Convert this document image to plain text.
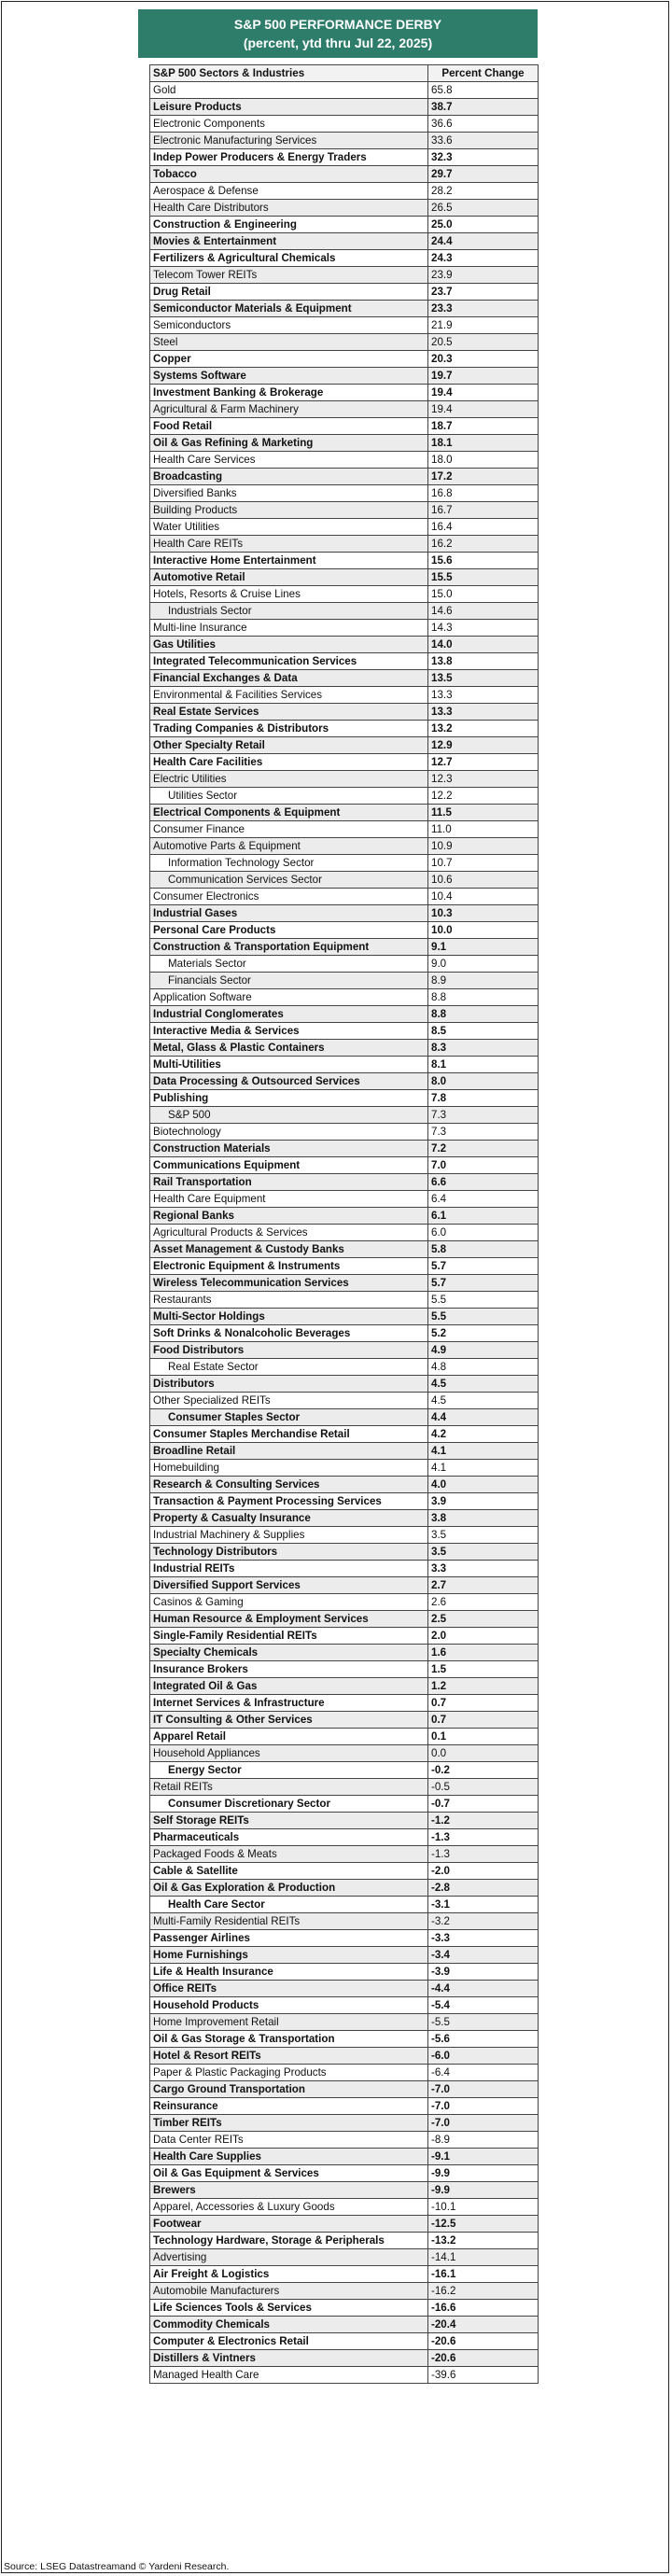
S&P 500 PERFORMANCE DERBY
(percent, ytd thru Jul 22, 2025)
S&P 500 Sectors & Industries	Percent Change
Gold	65.8
Leisure Products	38.7
Electronic Components	36.6
Electronic Manufacturing Services	33.6
Indep Power Producers & Energy Traders	32.3
Tobacco	29.7
Aerospace & Defense	28.2
Health Care Distributors	26.5
Construction & Engineering	25.0
Movies & Entertainment	24.4
Fertilizers & Agricultural Chemicals	24.3
Telecom Tower REITs	23.9
Drug Retail	23.7
Semiconductor Materials & Equipment	23.3
Semiconductors	21.9
Steel	20.5
Copper	20.3
Systems Software	19.7
Investment Banking & Brokerage	19.4
Agricultural & Farm Machinery	19.4
Food Retail	18.7
Oil & Gas Refining & Marketing	18.1
Health Care Services	18.0
Broadcasting	17.2
Diversified Banks	16.8
Building Products	16.7
Water Utilities	16.4
Health Care REITs	16.2
Interactive Home Entertainment	15.6
Automotive Retail	15.5
Hotels, Resorts & Cruise Lines	15.0
Industrials Sector	14.6
Multi-line Insurance	14.3
Gas Utilities	14.0
Integrated Telecommunication Services	13.8
Financial Exchanges & Data	13.5
Environmental & Facilities Services	13.3
Real Estate Services	13.3
Trading Companies & Distributors	13.2
Other Specialty Retail	12.9
Health Care Facilities	12.7
Electric Utilities	12.3
Utilities Sector	12.2
Electrical Components & Equipment	11.5
Consumer Finance	11.0
Automotive Parts & Equipment	10.9
Information Technology Sector	10.7
Communication Services Sector	10.6
Consumer Electronics	10.4
Industrial Gases	10.3
Personal Care Products	10.0
Construction & Transportation Equipment	9.1
Materials Sector	9.0
Financials Sector	8.9
Application Software	8.8
Industrial Conglomerates	8.8
Interactive Media & Services	8.5
Metal, Glass & Plastic Containers	8.3
Multi-Utilities	8.1
Data Processing & Outsourced Services	8.0
Publishing	7.8
S&P 500	7.3
Biotechnology	7.3
Construction Materials	7.2
Communications Equipment	7.0
Rail Transportation	6.6
Health Care Equipment	6.4
Regional Banks	6.1
Agricultural Products & Services	6.0
Asset Management & Custody Banks	5.8
Electronic Equipment & Instruments	5.7
Wireless Telecommunication Services	5.7
Restaurants	5.5
Multi-Sector Holdings	5.5
Soft Drinks & Nonalcoholic Beverages	5.2
Food Distributors	4.9
Real Estate Sector	4.8
Distributors	4.5
Other Specialized REITs	4.5
Consumer Staples Sector	4.4
Consumer Staples Merchandise Retail	4.2
Broadline Retail	4.1
Homebuilding	4.1
Research & Consulting Services	4.0
Transaction & Payment Processing Services	3.9
Property & Casualty Insurance	3.8
Industrial Machinery & Supplies	3.5
Technology Distributors	3.5
Industrial REITs	3.3
Diversified Support Services	2.7
Casinos & Gaming	2.6
Human Resource & Employment Services	2.5
Single-Family Residential REITs	2.0
Specialty Chemicals	1.6
Insurance Brokers	1.5
Integrated Oil & Gas	1.2
Internet Services & Infrastructure	0.7
IT Consulting & Other Services	0.7
Apparel Retail	0.1
Household Appliances	0.0
Energy Sector	-0.2
Retail REITs	-0.5
Consumer Discretionary Sector	-0.7
Self Storage REITs	-1.2
Pharmaceuticals	-1.3
Packaged Foods & Meats	-1.3
Cable & Satellite	-2.0
Oil & Gas Exploration & Production	-2.8
Health Care Sector	-3.1
Multi-Family Residential REITs	-3.2
Passenger Airlines	-3.3
Home Furnishings	-3.4
Life & Health Insurance	-3.9
Office REITs	-4.4
Household Products	-5.4
Home Improvement Retail	-5.5
Oil & Gas Storage & Transportation	-5.6
Hotel & Resort REITs	-6.0
Paper & Plastic Packaging Products	-6.4
Cargo Ground Transportation	-7.0
Reinsurance	-7.0
Timber REITs	-7.0
Data Center REITs	-8.9
Health Care Supplies	-9.1
Oil & Gas Equipment & Services	-9.9
Brewers	-9.9
Apparel, Accessories & Luxury Goods	-10.1
Footwear	-12.5
Technology Hardware, Storage & Peripherals	-13.2
Advertising	-14.1
Air Freight & Logistics	-16.1
Automobile Manufacturers	-16.2
Life Sciences Tools & Services	-16.6
Commodity Chemicals	-20.4
Computer & Electronics Retail	-20.6
Distillers & Vintners	-20.6
Managed Health Care	-39.6
Source: LSEG Datastreamand © Yardeni Research.
